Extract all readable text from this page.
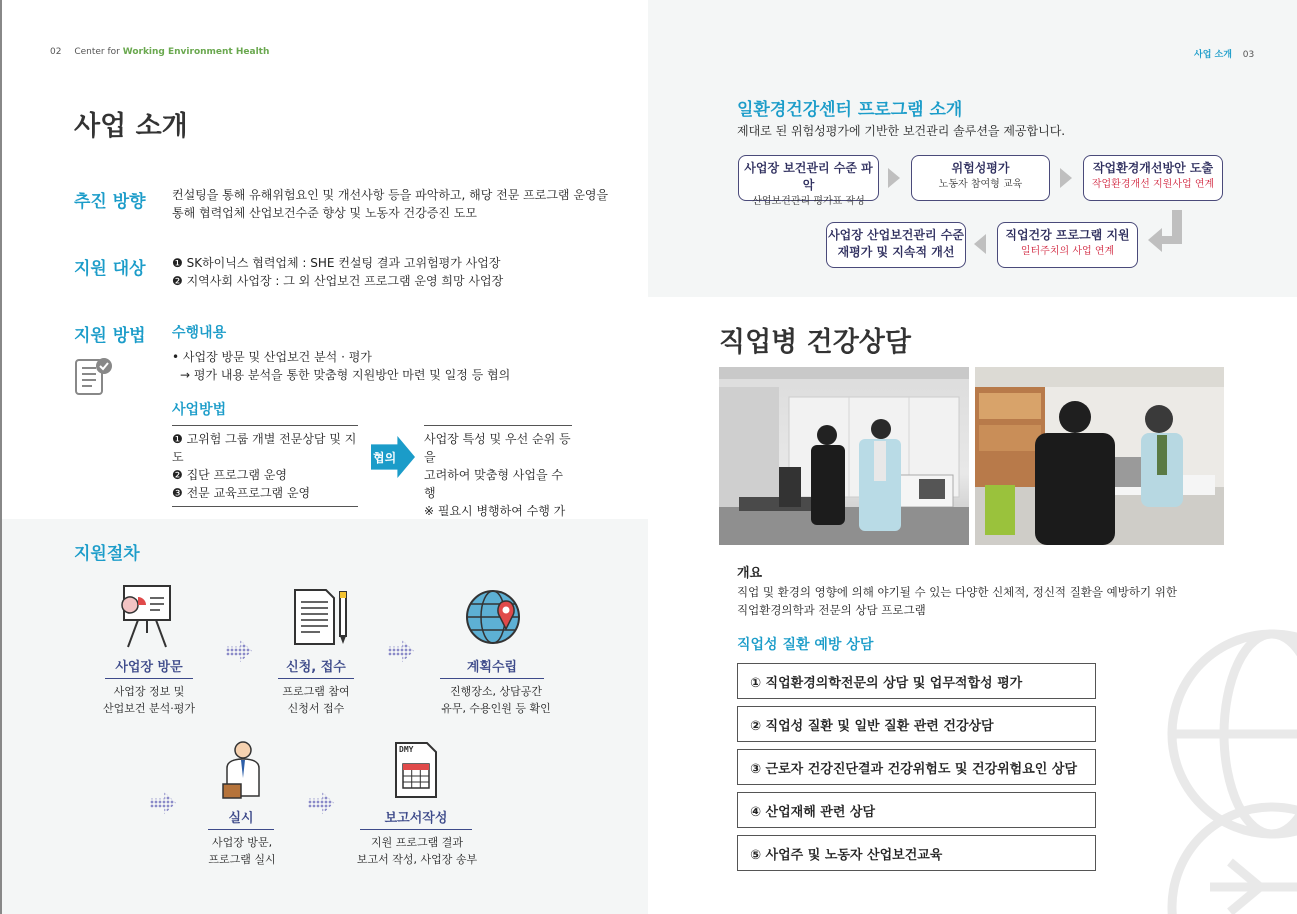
02 Center for Working Environment Health
사업 소개
추진 방향 컨설팅을 통해 유해위험요인 및 개선사항 등을 파악하고, 해당 전문 프로그램 운영을
통해 협력업체 산업보건수준 향상 및 노동자 건강증진 도모
지원 대상 ❶ SK하이닉스 협력업체 : SHE 컨설팅 결과 고위험평가 사업장
❷ 지역사회 사업장 : 그 외 산업보건 프로그램 운영 희망 사업장
지원 방법 수행내용
• 사업장 방문 및 산업보건 분석 · 평가
→ 평가 내용 분석을 통한 맞춤형 지원방안 마련 및 일정 등 협의
사업방법
❶ 고위험 그룹 개별 전문상담 및 지도
❷ 집단 프로그램 운영
❸ 전문 교육프로그램 운영
협의
사업장 특성 및 우선 순위 등을
고려하여 맞춤형 사업을 수행
※ 필요시 병행하여 수행 가
지원절차
사업장 방문
사업장 정보 및
산업보건 분석·평가
신청, 접수
프로그램 참여
신청서 접수
계획수립
진행장소, 상담공간
유무, 수용인원 등 확인
실시
사업장 방문,
프로그램 실시
DMY
보고서작성
지원 프로그램 결과
보고서 작성, 사업장 송부
사업 소개 03
일환경건강센터 프로그램 소개
제대로 된 위험성평가에 기반한 보건관리 솔루션을 제공합니다.
사업장 보건관리 수준 파악
산업보건관리 평가표 작성
위험성평가
노동자 참여형 교육
작업환경개선방안 도출
작업환경개선 지원사업 연계
직업건강 프로그램 지원
일터주치의 사업 연계
사업장 산업보건관리 수준
재평가 및 지속적 개선
직업병 건강상담
개요
직업 및 환경의 영향에 의해 야기될 수 있는 다양한 신체적, 정신적 질환을 예방하기 위한
직업환경의학과 전문의 상담 프로그램
직업성 질환 예방 상담
① 직업환경의학전문의 상담 및 업무적합성 평가
② 직업성 질환 및 일반 질환 관련 건강상담
③ 근로자 건강진단결과 건강위험도 및 건강위험요인 상담
④ 산업재해 관련 상담
⑤ 사업주 및 노동자 산업보건교육
